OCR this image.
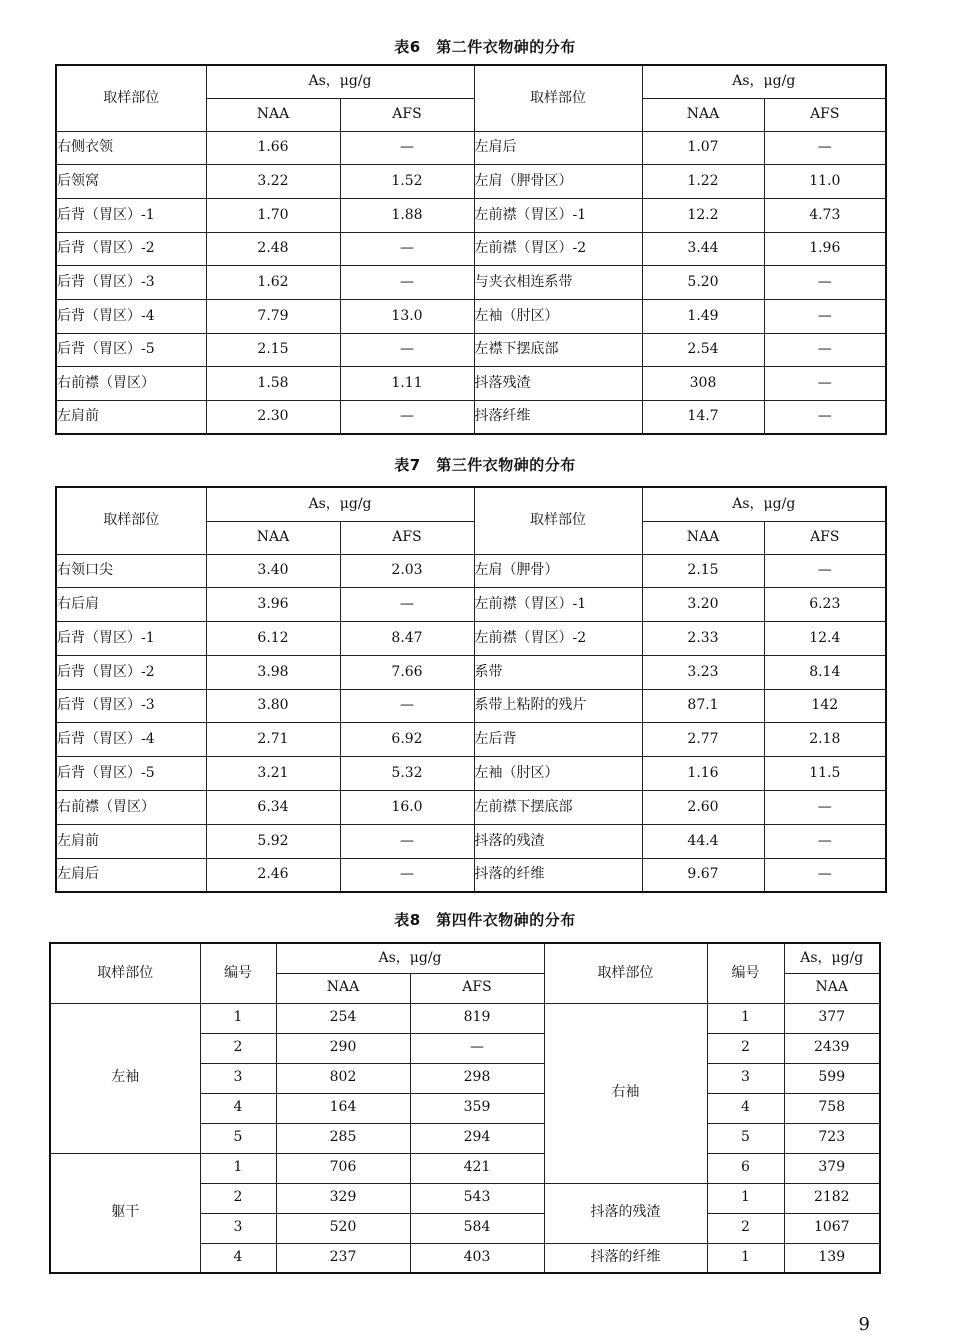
表6　第二件衣物砷的分布
取样部位	As，μg/g		取样部位	As，μg/g	
	NAA	AFS		NAA	AFS
右侧衣领	1.66	—	左肩后	1.07	—
后领窝	3.22	1.52	左肩（胛骨区）	1.22	11.0
后背（胃区）-1	1.70	1.88	左前襟（胃区）-1	12.2	4.73
后背（胃区）-2	2.48	—	左前襟（胃区）-2	3.44	1.96
后背（胃区）-3	1.62	—	与夹衣相连系带	5.20	—
后背（胃区）-4	7.79	13.0	左袖（肘区）	1.49	—
后背（胃区）-5	2.15	—	左襟下摆底部	2.54	—
右前襟（胃区）	1.58	1.11	抖落残渣	308	—
左肩前	2.30	—	抖落纤维	14.7	—
表7　第三件衣物砷的分布
取样部位	As，μg/g		取样部位	As，μg/g	
	NAA	AFS		NAA	AFS
右领口尖	3.40	2.03	左肩（胛骨）	2.15	—
右后肩	3.96	—	左前襟（胃区）-1	3.20	6.23
后背（胃区）-1	6.12	8.47	左前襟（胃区）-2	2.33	12.4
后背（胃区）-2	3.98	7.66	系带	3.23	8.14
后背（胃区）-3	3.80	—	系带上粘附的残片	87.1	142
后背（胃区）-4	2.71	6.92	左后背	2.77	2.18
后背（胃区）-5	3.21	5.32	左袖（肘区）	1.16	11.5
右前襟（胃区）	6.34	16.0	左前襟下摆底部	2.60	—
左肩前	5.92	—	抖落的残渣	44.4	—
左肩后	2.46	—	抖落的纤维	9.67	—
表8　第四件衣物砷的分布
取样部位	编号	As，μg/g		取样部位	编号	As，μg/g
		NAA	AFS			NAA
左袖	1	254	819	右袖	1	377
	2	290	—		2	2439
	3	802	298		3	599
	4	164	359		4	758
	5	285	294		5	723
躯干	1	706	421		6	379
	2	329	543	抖落的残渣	1	2182
	3	520	584		2	1067
	4	237	403	抖落的纤维	1	139
9
